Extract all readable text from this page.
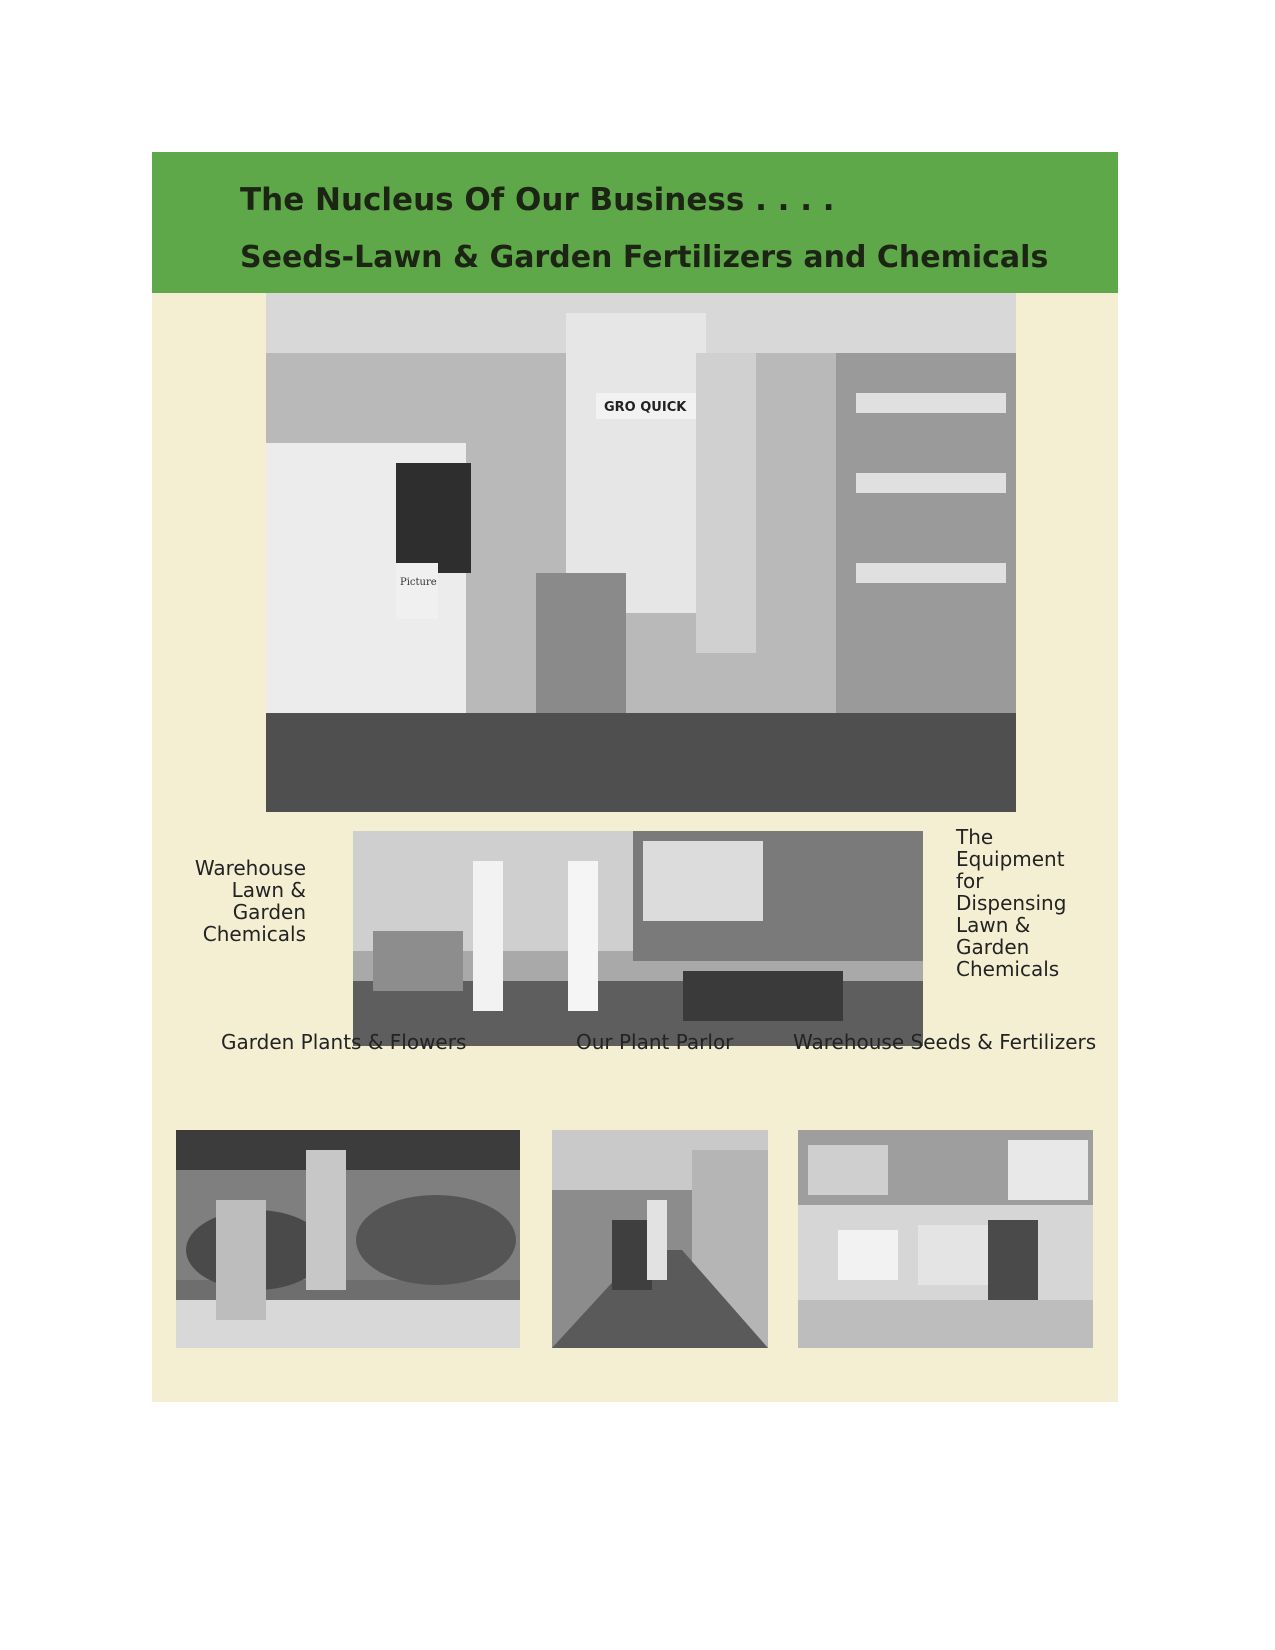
The Nucleus Of Our Business . . . .
Seeds-Lawn & Garden Fertilizers and Chemicals
GRO QUICK
Picture
Warehouse
Lawn &
Garden
Chemicals
The
Equipment
for
Dispensing
Lawn &
Garden
Chemicals
Garden Plants & Flowers	Our Plant Parlor	Warehouse Seeds & Fertilizers
